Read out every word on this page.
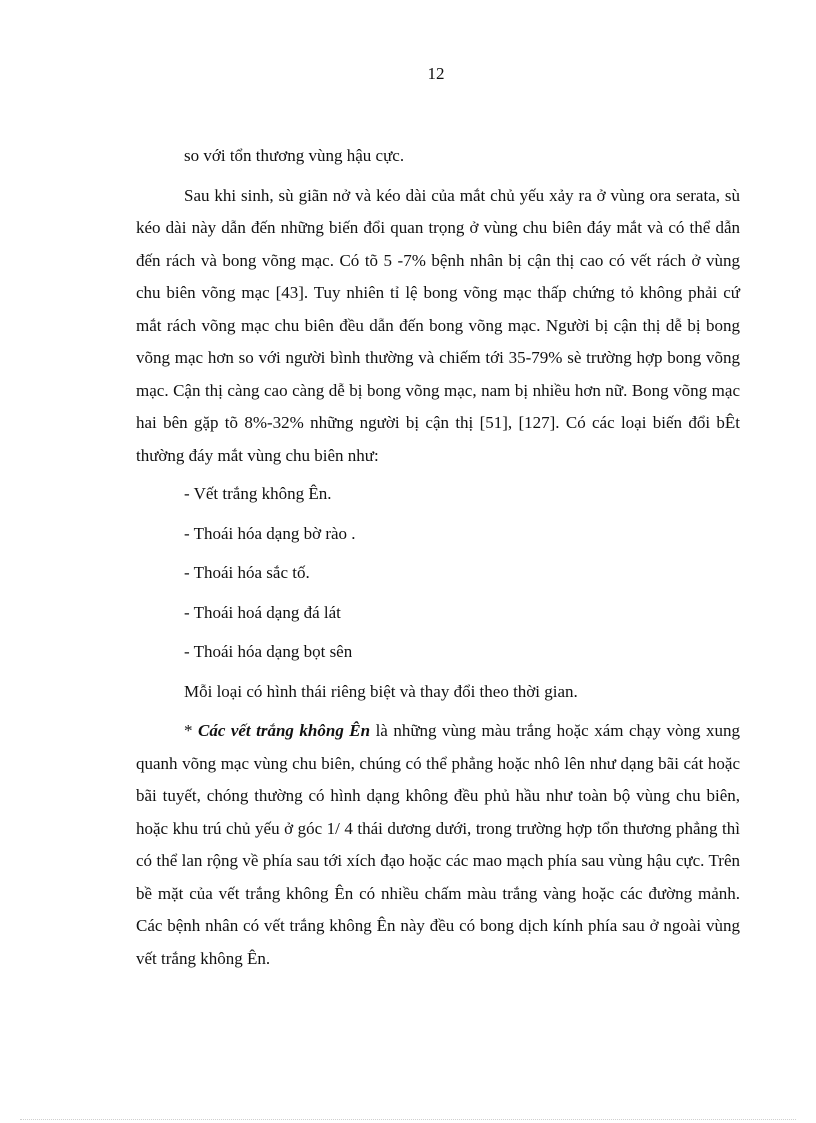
12

so với tổn thương vùng hậu cực.

Sau khi sinh, sù giãn nở và kéo dài của mắt chủ yếu xảy ra ở vùng ora serata, sù kéo dài này dẫn đến những biến đổi quan trọng ở vùng chu biên đáy mắt và có thể dẫn đến rách và bong võng mạc. Có tõ 5 -7% bệnh nhân bị cận thị cao có vết rách ở vùng chu biên võng mạc [43]. Tuy nhiên tỉ lệ bong võng mạc thấp chứng tỏ không phải cứ mắt rách võng mạc chu biên đều dẫn đến bong võng mạc. Người bị cận thị dễ bị bong võng mạc hơn so với người bình thường và chiếm tới 35-79% sè trường hợp bong võng mạc. Cận thị càng cao càng dễ bị bong võng mạc, nam bị nhiều hơn nữ. Bong võng mạc hai bên gặp tõ 8%-32% những người bị cận thị [51], [127]. Có các loại biến đổi bÊt thường đáy mắt vùng chu biên như:

- Vết trắng không Ên.
- Thoái hóa dạng bờ rào .
- Thoái hóa sắc tố.
- Thoái hoá dạng đá lát
- Thoái hóa dạng bọt sên

Mỗi loại có hình thái riêng biệt và thay đổi theo thời gian.

* Các vết trắng không Ên là những vùng màu trắng hoặc xám chạy vòng xung quanh võng mạc vùng chu biên, chúng có thể phẳng hoặc nhô lên như dạng bãi cát hoặc bãi tuyết, chóng thường có hình dạng không đều phủ hầu như toàn bộ vùng chu biên, hoặc khu trú chủ yếu ở góc 1/ 4 thái dương dưới, trong trường hợp tổn thương phẳng thì có thể lan rộng về phía sau tới xích đạo hoặc các mao mạch phía sau vùng hậu cực. Trên bề mặt của vết trắng không Ên có nhiều chấm màu trắng vàng hoặc các đường mảnh. Các bệnh nhân có vết trắng không Ên này đều có bong dịch kính phía sau ở ngoài vùng vết trắng không Ên.
